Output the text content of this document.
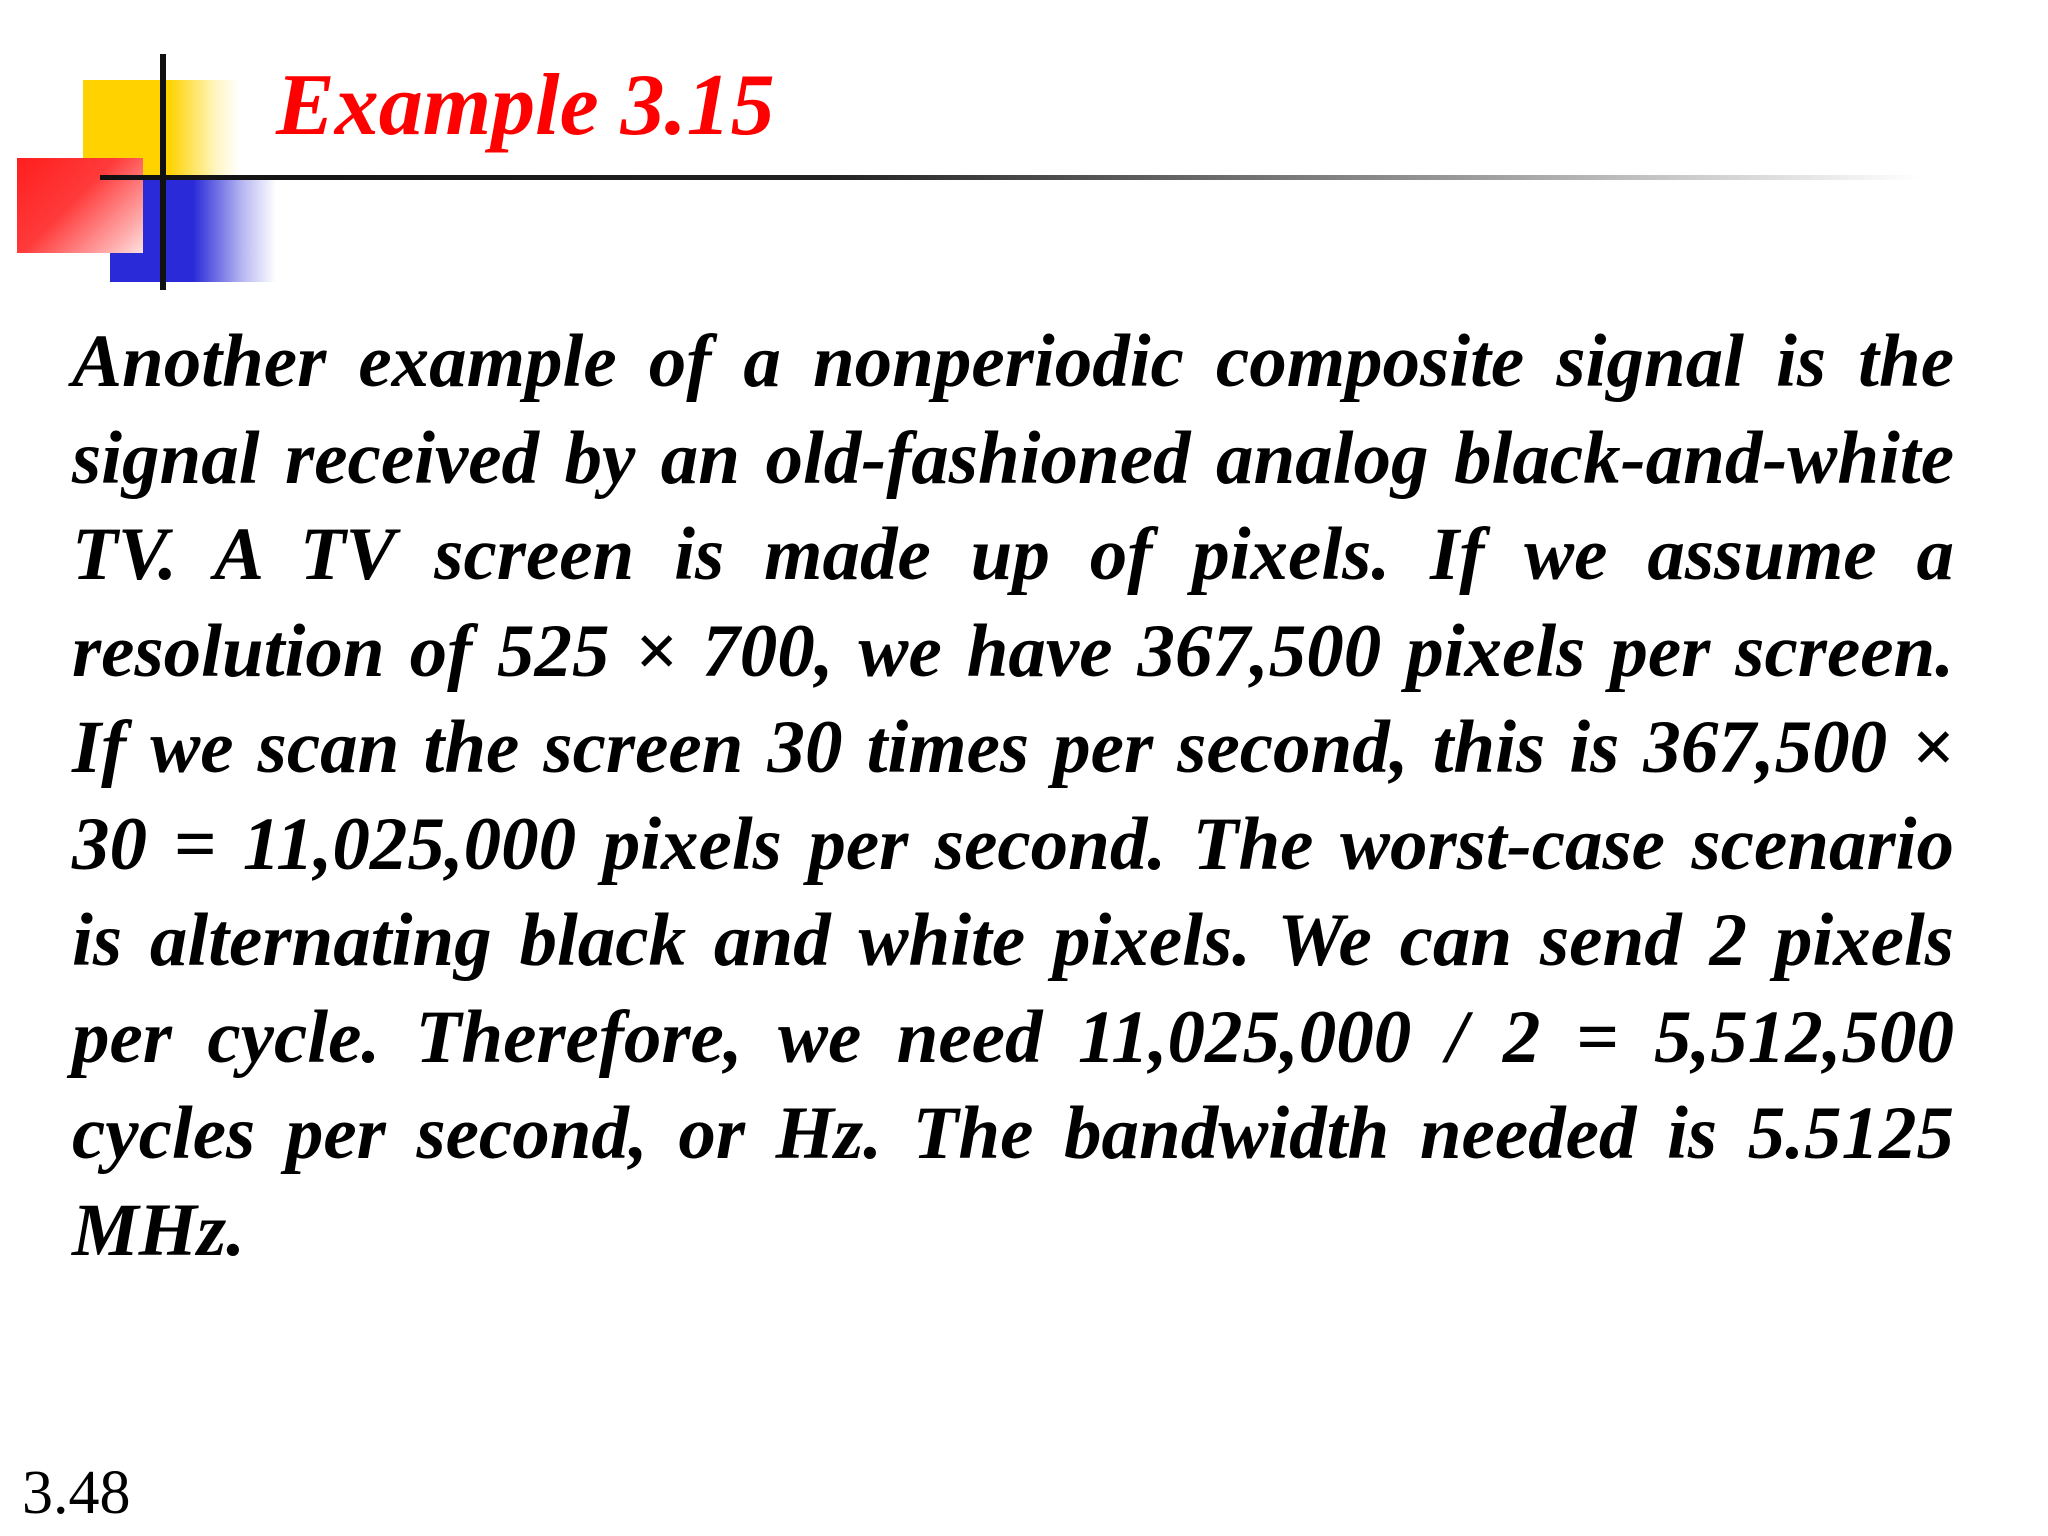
Example 3.15

Another example of a nonperiodic composite signal is the signal received by an old-fashioned analog black-and-white TV. A TV screen is made up of pixels. If we assume a resolution of 525 × 700, we have 367,500 pixels per screen. If we scan the screen 30 times per second, this is 367,500 × 30 = 11,025,000 pixels per second. The worst-case scenario is alternating black and white pixels. We can send 2 pixels per cycle. Therefore, we need 11,025,000 / 2 = 5,512,500 cycles per second, or Hz. The bandwidth needed is 5.5125 MHz.

3.48
